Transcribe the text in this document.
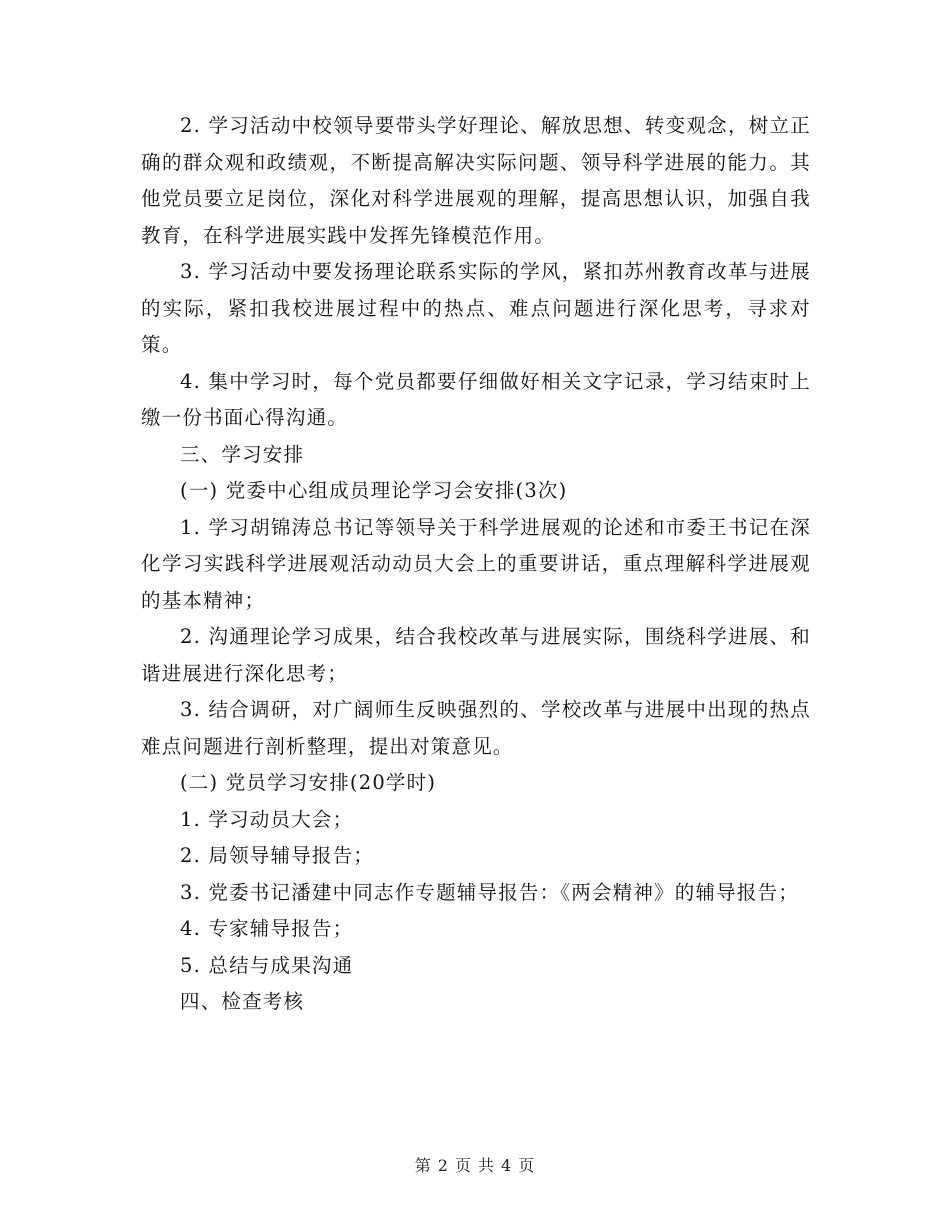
2. 学习活动中校领导要带头学好理论、解放思想、转变观念，树立正确的群众观和政绩观，不断提高解决实际问题、领导科学进展的能力。其他党员要立足岗位，深化对科学进展观的理解，提高思想认识，加强自我教育，在科学进展实践中发挥先锋模范作用。

3. 学习活动中要发扬理论联系实际的学风，紧扣苏州教育改革与进展的实际，紧扣我校进展过程中的热点、难点问题进行深化思考，寻求对策。

4. 集中学习时，每个党员都要仔细做好相关文字记录，学习结束时上缴一份书面心得沟通。

三、学习安排

(一) 党委中心组成员理论学习会安排(3次)

1. 学习胡锦涛总书记等领导关于科学进展观的论述和市委王书记在深化学习实践科学进展观活动动员大会上的重要讲话，重点理解科学进展观的基本精神；

2. 沟通理论学习成果，结合我校改革与进展实际，围绕科学进展、和谐进展进行深化思考；

3. 结合调研，对广阔师生反映强烈的、学校改革与进展中出现的热点难点问题进行剖析整理，提出对策意见。

(二) 党员学习安排(20学时)

1. 学习动员大会；

2. 局领导辅导报告；

3. 党委书记潘建中同志作专题辅导报告：《两会精神》的辅导报告；

4. 专家辅导报告；

5. 总结与成果沟通

四、检查考核

第 2 页 共 4 页
